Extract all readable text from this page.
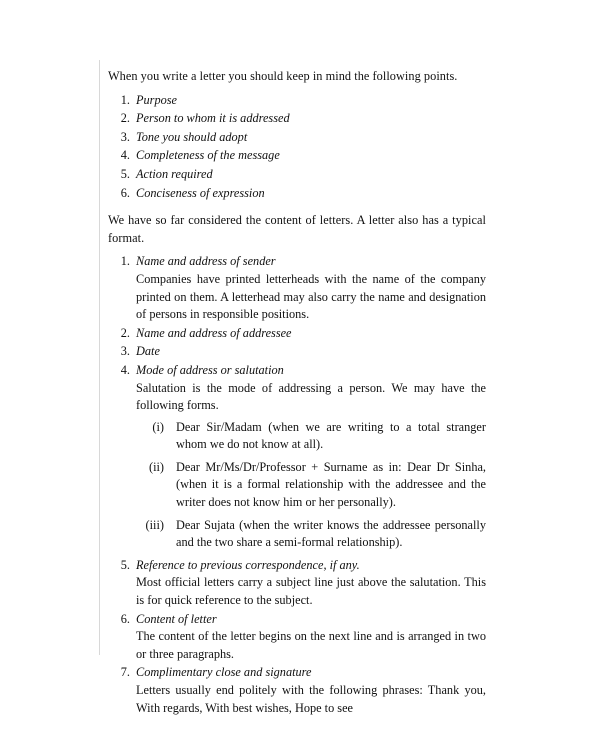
When you write a letter you should keep in mind the following points.

1. Purpose
2. Person to whom it is addressed
3. Tone you should adopt
4. Completeness of the message
5. Action required
6. Conciseness of expression

We have so far considered the content of letters. A letter also has a typical format.

1. Name and address of sender
Companies have printed letterheads with the name of the company printed on them. A letterhead may also carry the name and designation of persons in responsible positions.
2. Name and address of addressee
3. Date
4. Mode of address or salutation
Salutation is the mode of addressing a person. We may have the following forms.
(i) Dear Sir/Madam (when we are writing to a total stranger whom we do not know at all).
(ii) Dear Mr/Ms/Dr/Professor + Surname as in: Dear Dr Sinha, (when it is a formal relationship with the addressee and the writer does not know him or her personally).
(iii) Dear Sujata (when the writer knows the addressee personally and the two share a semi-formal relationship).
5. Reference to previous correspondence, if any.
Most official letters carry a subject line just above the salutation. This is for quick reference to the subject.
6. Content of letter
The content of the letter begins on the next line and is arranged in two or three paragraphs.
7. Complimentary close and signature
Letters usually end politely with the following phrases: Thank you, With regards, With best wishes, Hope to see
